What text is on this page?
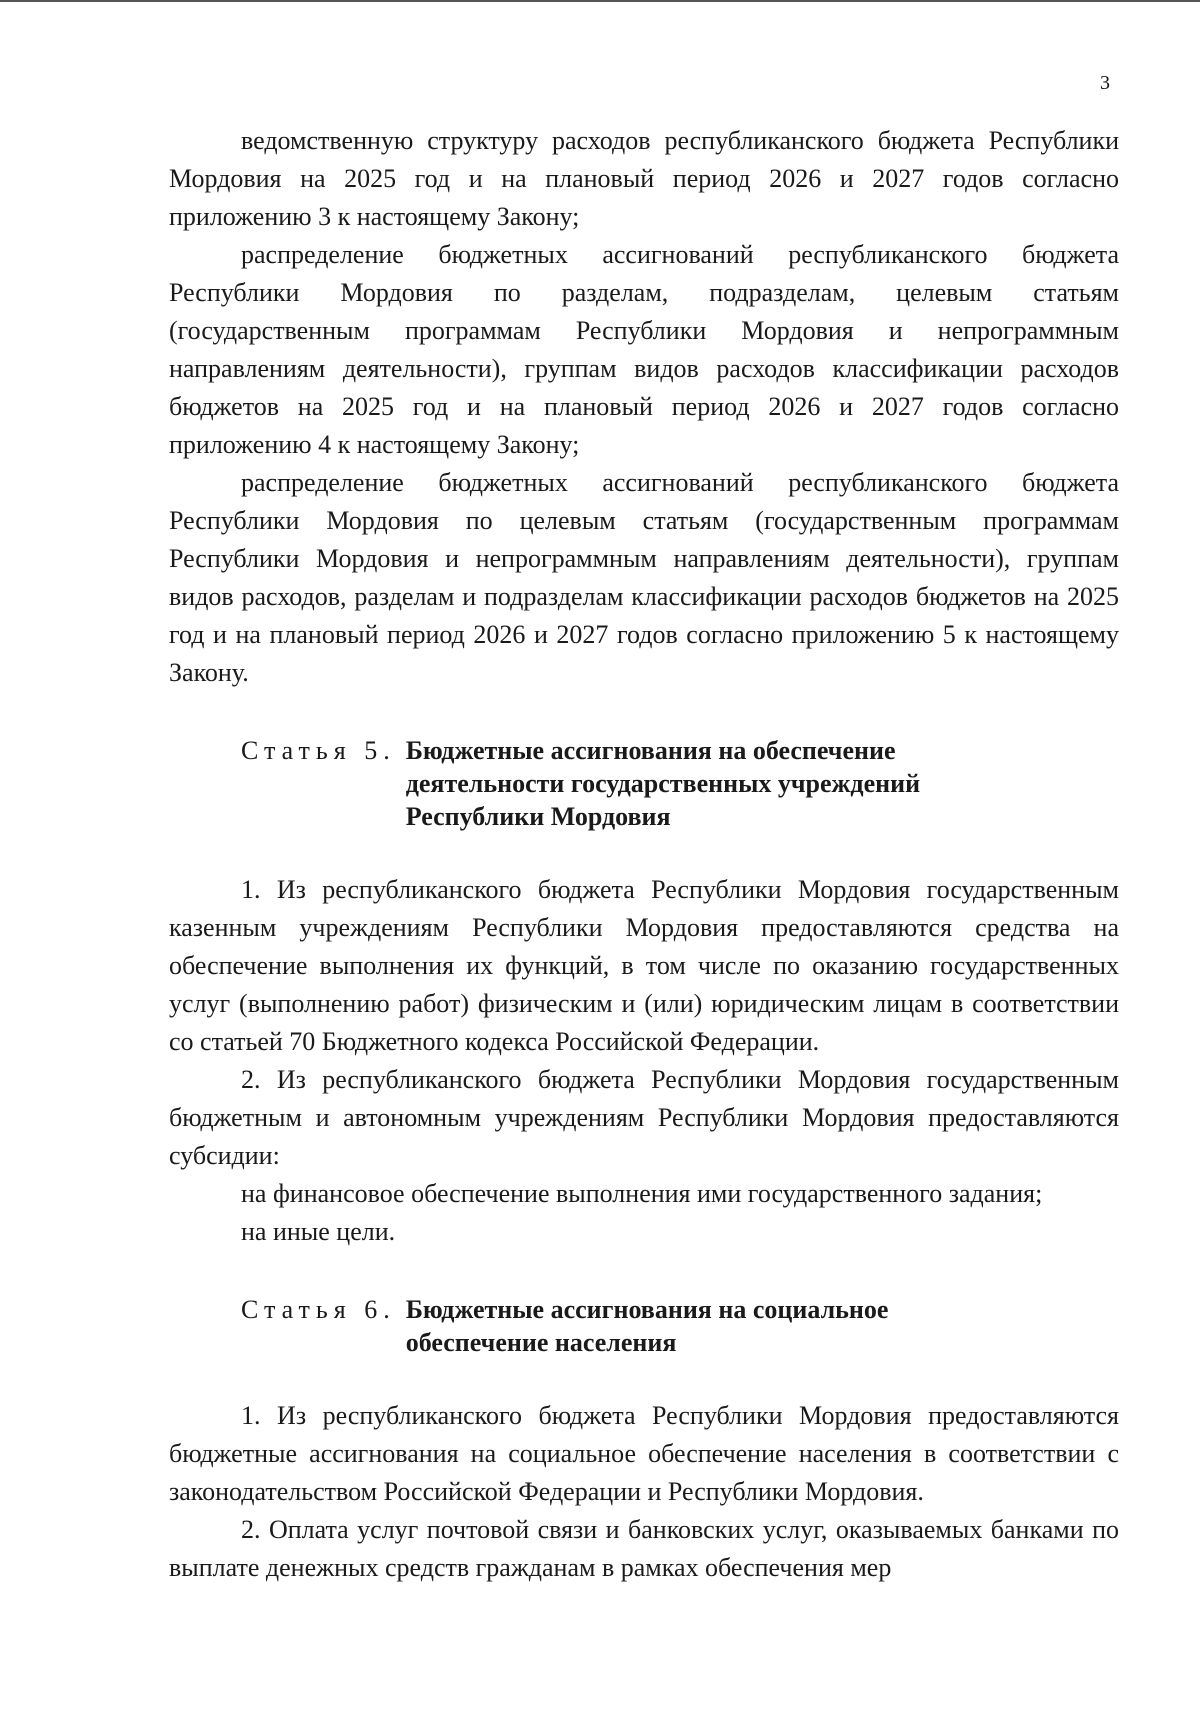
3

ведомственную структуру расходов республиканского бюджета Республики Мордовия на 2025 год и на плановый период 2026 и 2027 годов согласно приложению 3 к настоящему Закону;

распределение бюджетных ассигнований республиканского бюджета Республики Мордовия по разделам, подразделам, целевым статьям (государственным программам Республики Мордовия и непрограммным направлениям деятельности), группам видов расходов классификации расходов бюджетов на 2025 год и на плановый период 2026 и 2027 годов согласно приложению 4 к настоящему Закону;

распределение бюджетных ассигнований республиканского бюджета Республики Мордовия по целевым статьям (государственным программам Республики Мордовия и непрограммным направлениям деятельности), группам видов расходов, разделам и подразделам классификации расходов бюджетов на 2025 год и на плановый период 2026 и 2027 годов согласно приложению 5 к настоящему Закону.

Статья 5. Бюджетные ассигнования на обеспечение деятельности государственных учреждений Республики Мордовия

1. Из республиканского бюджета Республики Мордовия государственным казенным учреждениям Республики Мордовия предоставляются средства на обеспечение выполнения их функций, в том числе по оказанию государственных услуг (выполнению работ) физическим и (или) юридическим лицам в соответствии со статьей 70 Бюджетного кодекса Российской Федерации.

2. Из республиканского бюджета Республики Мордовия государственным бюджетным и автономным учреждениям Республики Мордовия предоставляются субсидии:

на финансовое обеспечение выполнения ими государственного задания;

на иные цели.

Статья 6. Бюджетные ассигнования на социальное обеспечение населения

1. Из республиканского бюджета Республики Мордовия предоставляются бюджетные ассигнования на социальное обеспечение населения в соответствии с законодательством Российской Федерации и Республики Мордовия.

2. Оплата услуг почтовой связи и банковских услуг, оказываемых банками по выплате денежных средств гражданам в рамках обеспечения мер
